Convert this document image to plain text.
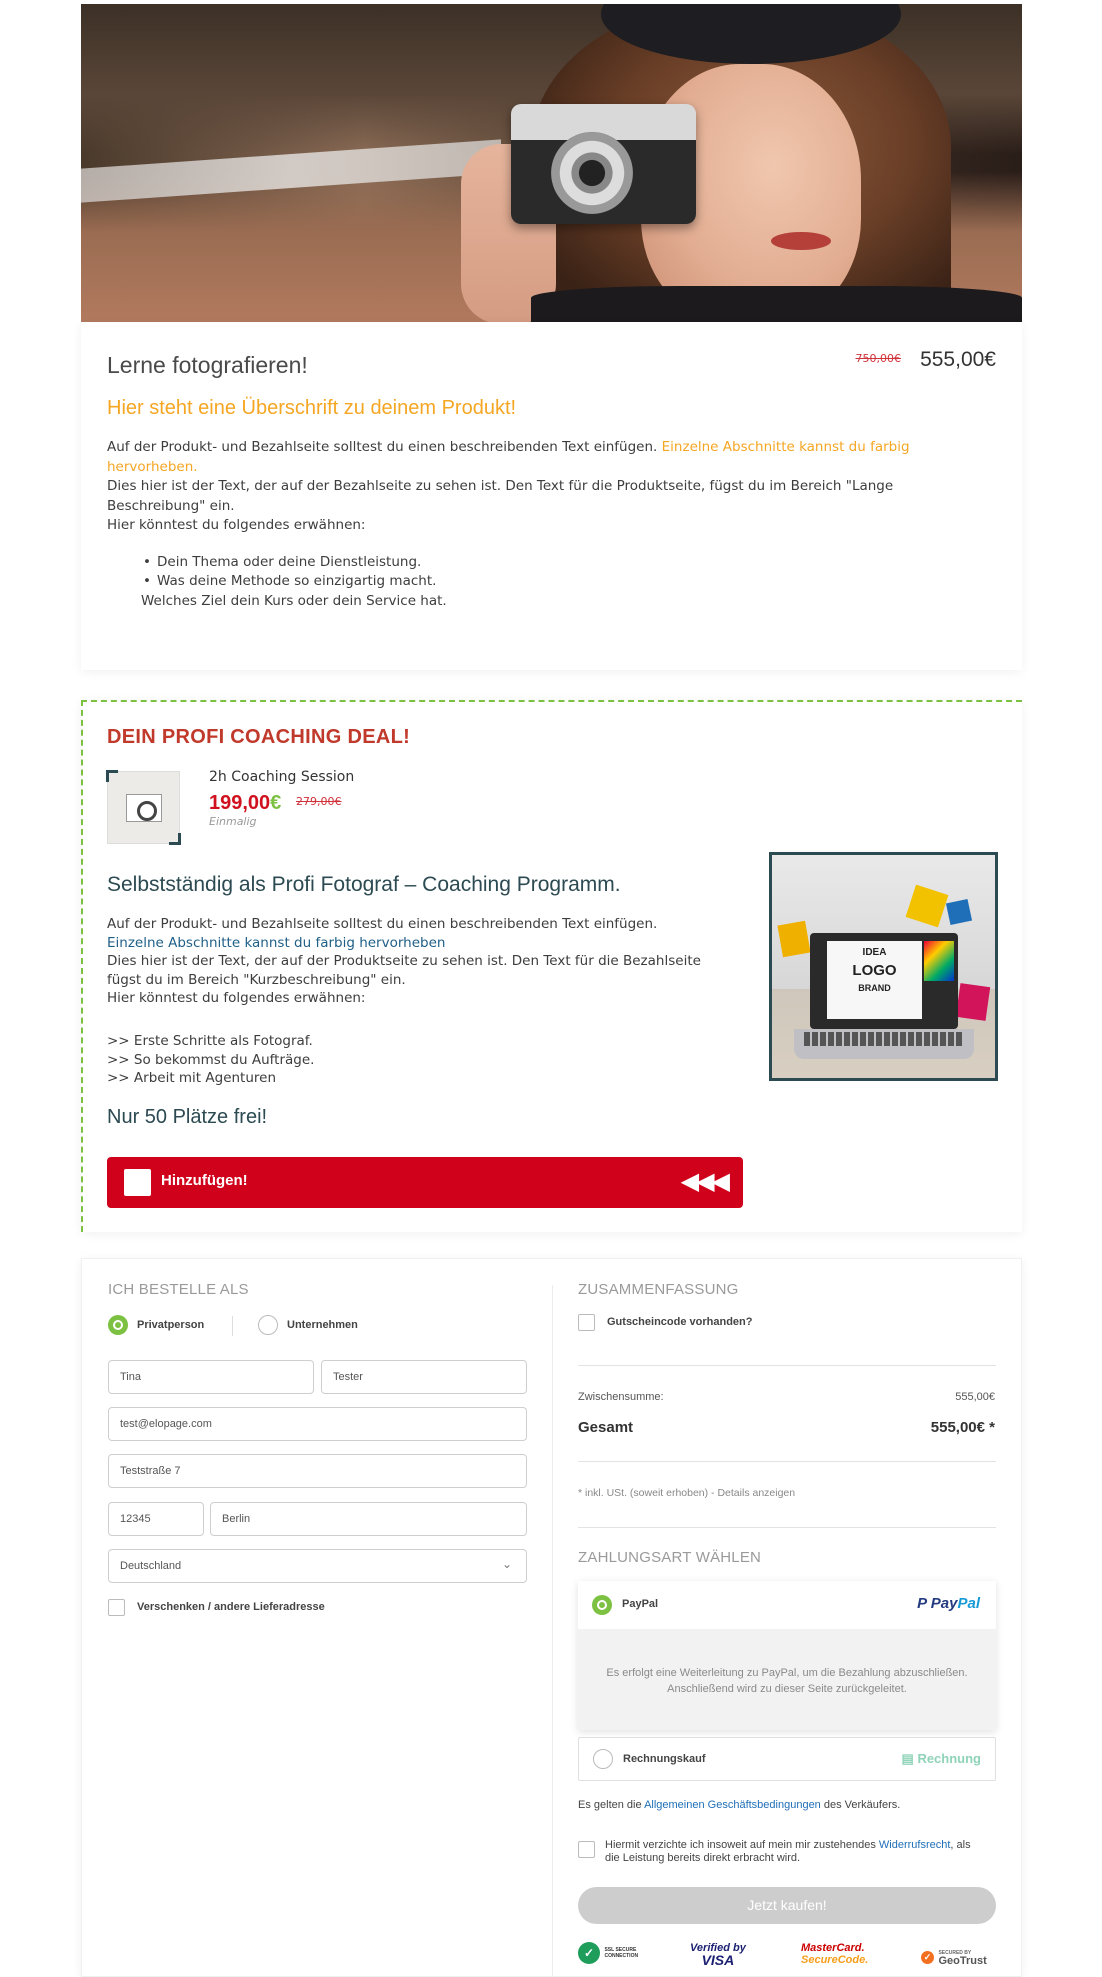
Lerne fotografieren!	750,00€ 555,00€
Hier steht eine Überschrift zu deinem Produkt!
Auf der Produkt- und Bezahlseite solltest du einen beschreibenden Text einfügen. Einzelne Abschnitte kannst du farbig hervorheben.
Dies hier ist der Text, der auf der Bezahlseite zu sehen ist. Den Text für die Produktseite, fügst du im Bereich "Lange Beschreibung" ein.
Hier könntest du folgendes erwähnen:
• Dein Thema oder deine Dienstleistung.
• Was deine Methode so einzigartig macht.
Welches Ziel dein Kurs oder dein Service hat.
DEIN PROFI COACHING DEAL!
2h Coaching Session
199,00€ 279,00€
Einmalig
Selbstständig als Profi Fotograf – Coaching Programm.
Auf der Produkt- und Bezahlseite solltest du einen beschreibenden Text einfügen. Einzelne Abschnitte kannst du farbig hervorheben
Dies hier ist der Text, der auf der Produktseite zu sehen ist. Den Text für die Bezahlseite fügst du im Bereich "Kurzbeschreibung" ein.
Hier könntest du folgendes erwähnen:
>> Erste Schritte als Fotograf.
>> So bekommst du Aufträge.
>> Arbeit mit Agenturen
Nur 50 Plätze frei!
Hinzufügen!	◀◀◀
IDEA
LOGO
BRAND
ICH BESTELLE ALS
Privatperson	Unternehmen
Tina	Tester
test@elopage.com
Teststraße 7
12345	Berlin
Deutschland	⌄
Verschenken / andere Lieferadresse
ZUSAMMENFASSUNG
Gutscheincode vorhanden?
Zwischensumme:	555,00€
Gesamt	555,00€ *
* inkl. USt. (soweit erhoben) - Details anzeigen
ZAHLUNGSART WÄHLEN
PayPal	P PayPal
Es erfolgt eine Weiterleitung zu PayPal, um die Bezahlung abzuschließen. Anschließend wird zu dieser Seite zurückgeleitet.
Rechnungskauf	▤ Rechnung
Es gelten die Allgemeinen Geschäftsbedingungen des Verkäufers.
Hiermit verzichte ich insoweit auf mein mir zustehendes Widerrufsrecht, als die Leistung bereits direkt erbracht wird.
Jetzt kaufen!
✓ SSL SECURE CONNECTION
Verified by
VISA
MasterCard.
SecureCode.	✓ SECURED BY
GeoTrust
